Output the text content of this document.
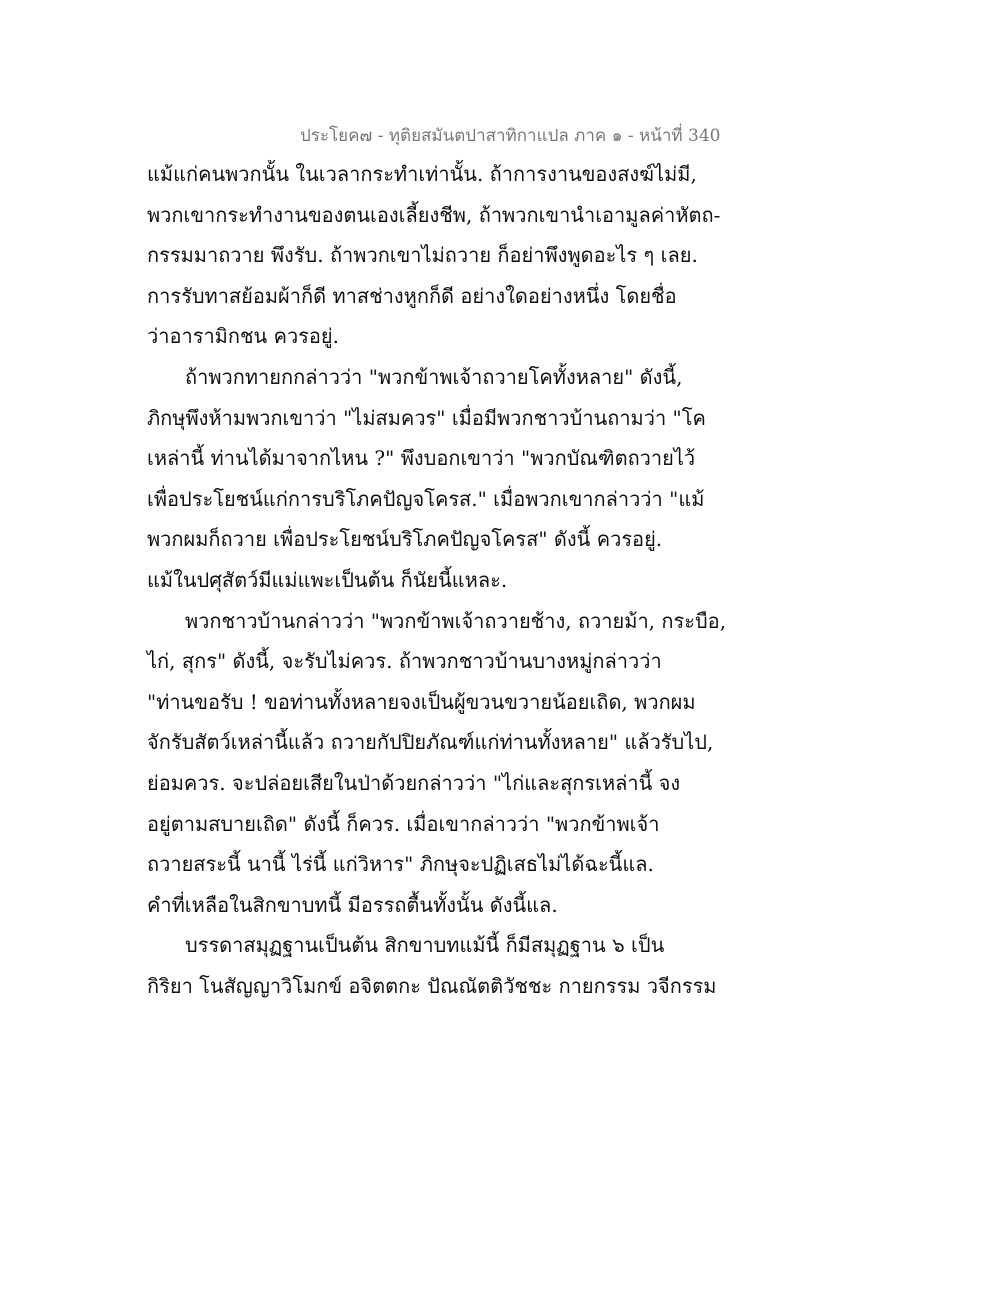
ประโยค๗ - ทุติยสมันตปาสาทิกาแปล ภาค ๑ - หน้าที่ 340
แม้แก่คนพวกนั้น ในเวลากระทำเท่านั้น. ถ้าการงานของสงฆ์ไม่มี,
พวกเขากระทำงานของตนเองเลี้ยงชีพ, ถ้าพวกเขานำเอามูลค่าหัตถ-
กรรมมาถวาย พึงรับ. ถ้าพวกเขาไม่ถวาย ก็อย่าพึงพูดอะไร ๆ เลย.
การรับทาสย้อมผ้าก็ดี ทาสช่างหูกก็ดี อย่างใดอย่างหนึ่ง โดยชื่อ
ว่าอารามิกชน ควรอยู่.
ถ้าพวกทายกกล่าวว่า "พวกข้าพเจ้าถวายโคทั้งหลาย" ดังนี้,
ภิกษุพึงห้ามพวกเขาว่า "ไม่สมควร" เมื่อมีพวกชาวบ้านถามว่า "โค
เหล่านี้ ท่านได้มาจากไหน ?" พึงบอกเขาว่า "พวกบัณฑิตถวายไว้
เพื่อประโยชน์แก่การบริโภคปัญจโครส." เมื่อพวกเขากล่าวว่า "แม้
พวกผมก็ถวาย เพื่อประโยชน์บริโภคปัญจโครส" ดังนี้ ควรอยู่.
แม้ในปศุสัตว์มีแม่แพะเป็นต้น ก็นัยนี้แหละ.
พวกชาวบ้านกล่าวว่า "พวกข้าพเจ้าถวายช้าง, ถวายม้า, กระบือ,
ไก่, สุกร" ดังนี้, จะรับไม่ควร. ถ้าพวกชาวบ้านบางหมู่กล่าวว่า
"ท่านขอรับ ! ขอท่านทั้งหลายจงเป็นผู้ขวนขวายน้อยเถิด, พวกผม
จักรับสัตว์เหล่านี้แล้ว ถวายกัปปิยภัณฑ์แก่ท่านทั้งหลาย" แล้วรับไป,
ย่อมควร. จะปล่อยเสียในป่าด้วยกล่าวว่า "ไก่และสุกรเหล่านี้ จง
อยู่ตามสบายเถิด" ดังนี้ ก็ควร. เมื่อเขากล่าวว่า "พวกข้าพเจ้า
ถวายสระนี้ นานี้ ไร่นี้ แก่วิหาร" ภิกษุจะปฏิเสธไม่ได้ฉะนี้แล.
คำที่เหลือในสิกขาบทนี้ มีอรรถตื้นทั้งนั้น ดังนี้แล.
บรรดาสมุฏฐานเป็นต้น สิกขาบทแม้นี้ ก็มีสมุฏฐาน ๖ เป็น
กิริยา โนสัญญาวิโมกข์ อจิตตกะ ปัณณัตติวัชชะ กายกรรม วจีกรรม
